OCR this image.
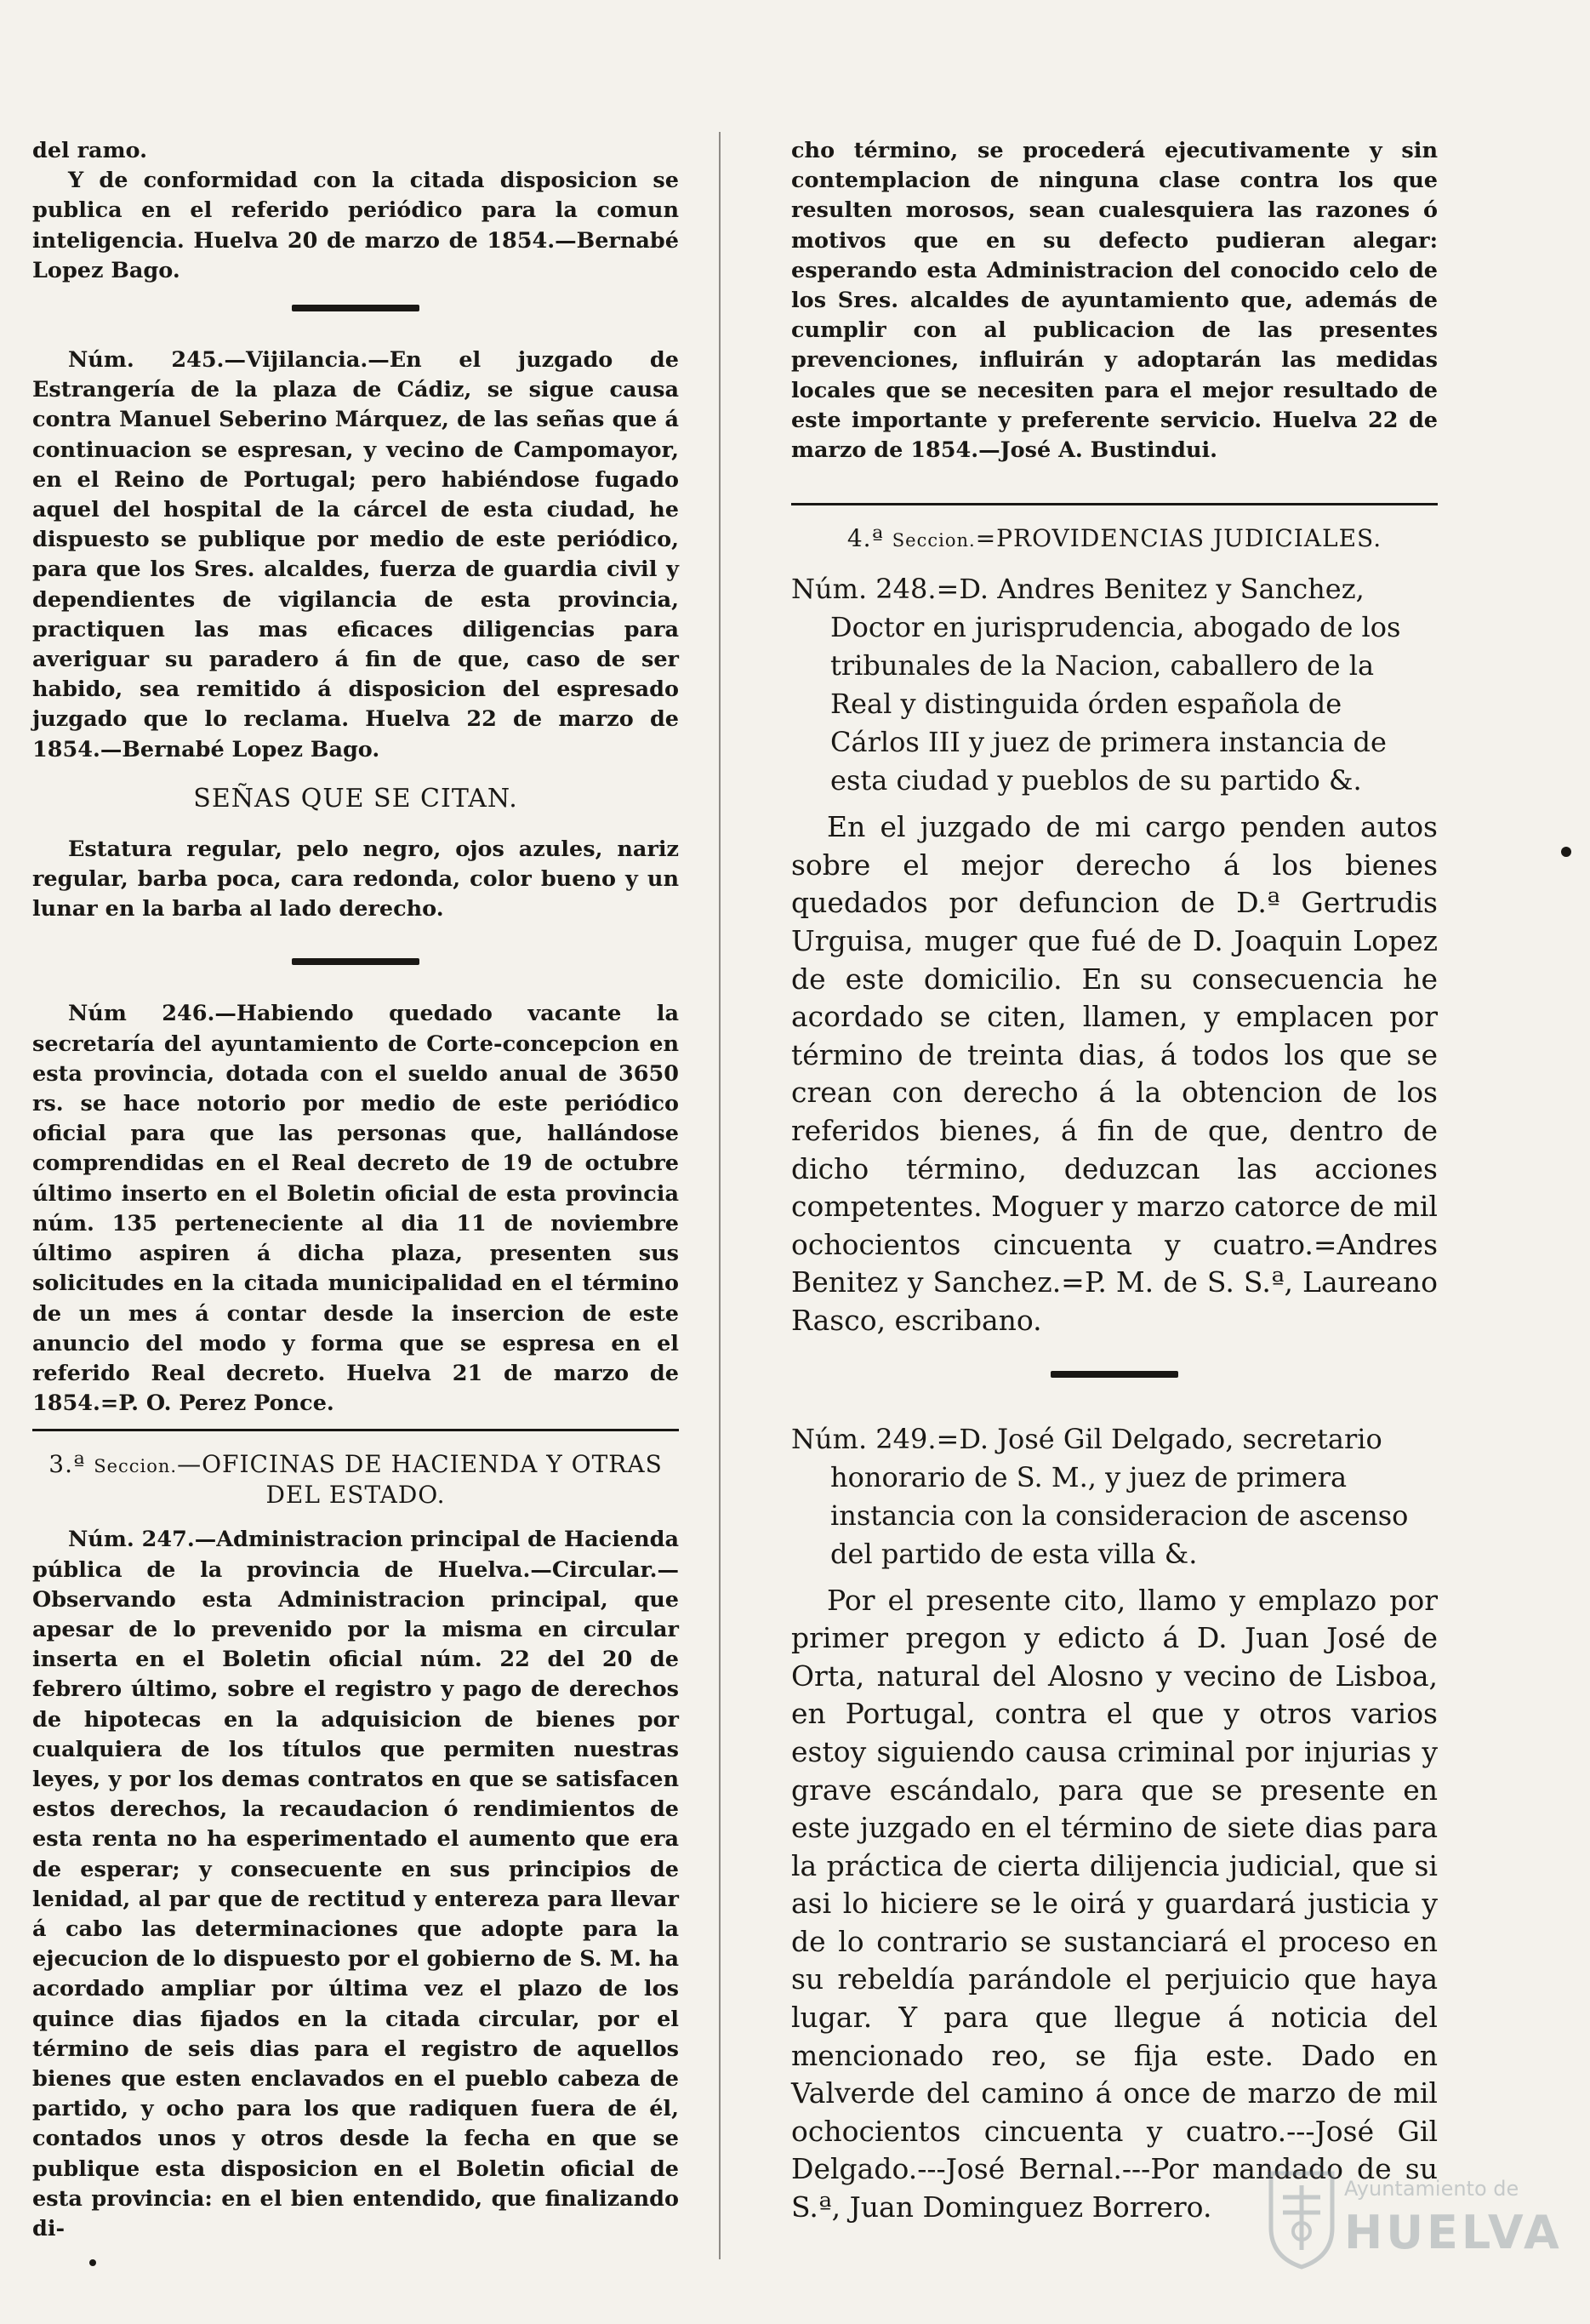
del ramo.

Y de conformidad con la citada disposicion se publica en el referido periódico para la comun inteligencia. Huelva 20 de marzo de 1854.—Bernabé Lopez Bago.

Núm. 245.—Vijilancia.—En el juzgado de Estrangería de la plaza de Cádiz, se sigue causa contra Manuel Seberino Márquez, de las señas que á continuacion se espresan, y vecino de Campomayor, en el Reino de Portugal; pero habiéndose fugado aquel del hospital de la cárcel de esta ciudad, he dispuesto se publique por medio de este periódico, para que los Sres. alcaldes, fuerza de guardia civil y dependientes de vigilancia de esta provincia, practiquen las mas eficaces diligencias para averiguar su paradero á fin de que, caso de ser habido, sea remitido á disposicion del espresado juzgado que lo reclama. Huelva 22 de marzo de 1854.—Bernabé Lopez Bago.

SEÑAS QUE SE CITAN.

Estatura regular, pelo negro, ojos azules, nariz regular, barba poca, cara redonda, color bueno y un lunar en la barba al lado derecho.

Núm 246.—Habiendo quedado vacante la secretaría del ayuntamiento de Corte-concepcion en esta provincia, dotada con el sueldo anual de 3650 rs. se hace notorio por medio de este periódico oficial para que las personas que, hallándose comprendidas en el Real decreto de 19 de octubre último inserto en el Boletin oficial de esta provincia núm. 135 perteneciente al dia 11 de noviembre último aspiren á dicha plaza, presenten sus solicitudes en la citada municipalidad en el término de un mes á contar desde la insercion de este anuncio del modo y forma que se espresa en el referido Real decreto. Huelva 21 de marzo de 1854.=P. O. Perez Ponce.

3.ª Seccion.—OFICINAS DE HACIENDA Y OTRAS DEL ESTADO.

Núm. 247.—Administracion principal de Hacienda pública de la provincia de Huelva.—Circular.—Observando esta Administracion principal, que apesar de lo prevenido por la misma en circular inserta en el Boletin oficial núm. 22 del 20 de febrero último, sobre el registro y pago de derechos de hipotecas en la adquisicion de bienes por cualquiera de los títulos que permiten nuestras leyes, y por los demas contratos en que se satisfacen estos derechos, la recaudacion ó rendimientos de esta renta no ha esperimentado el aumento que era de esperar; y consecuente en sus principios de lenidad, al par que de rectitud y entereza para llevar á cabo las determinaciones que adopte para la ejecucion de lo dispuesto por el gobierno de S. M. ha acordado ampliar por última vez el plazo de los quince dias fijados en la citada circular, por el término de seis dias para el registro de aquellos bienes que esten enclavados en el pueblo cabeza de partido, y ocho para los que radiquen fuera de él, contados unos y otros desde la fecha en que se publique esta disposicion en el Boletin oficial de esta provincia: en el bien entendido, que finalizando di-

cho término, se procederá ejecutivamente y sin contemplacion de ninguna clase contra los que resulten morosos, sean cualesquiera las razones ó motivos que en su defecto pudieran alegar: esperando esta Administracion del conocido celo de los Sres. alcaldes de ayuntamiento que, además de cumplir con al publicacion de las presentes prevenciones, influirán y adoptarán las medidas locales que se necesiten para el mejor resultado de este importante y preferente servicio. Huelva 22 de marzo de 1854.—José A. Bustindui.

4.ª Seccion.=PROVIDENCIAS JUDICIALES.

Núm. 248.=D. Andres Benitez y Sanchez, Doctor en jurisprudencia, abogado de los tribunales de la Nacion, caballero de la Real y distinguida órden española de Cárlos III y juez de primera instancia de esta ciudad y pueblos de su partido &.

En el juzgado de mi cargo penden autos sobre el mejor derecho á los bienes quedados por defuncion de D.ª Gertrudis Urguisa, muger que fué de D. Joaquin Lopez de este domicilio. En su consecuencia he acordado se citen, llamen, y emplacen por término de treinta dias, á todos los que se crean con derecho á la obtencion de los referidos bienes, á fin de que, dentro de dicho término, deduzcan las acciones competentes. Moguer y marzo catorce de mil ochocientos cincuenta y cuatro.=Andres Benitez y Sanchez.=P. M. de S. S.ª, Laureano Rasco, escribano.

Núm. 249.=D. José Gil Delgado, secretario honorario de S. M., y juez de primera instancia con la consideracion de ascenso del partido de esta villa &.

Por el presente cito, llamo y emplazo por primer pregon y edicto á D. Juan José de Orta, natural del Alosno y vecino de Lisboa, en Portugal, contra el que y otros varios estoy siguiendo causa criminal por injurias y grave escándalo, para que se presente en este juzgado en el término de siete dias para la práctica de cierta dilijencia judicial, que si asi lo hiciere se le oirá y guardará justicia y de lo contrario se sustanciará el proceso en su rebeldía parándole el perjuicio que haya lugar. Y para que llegue á noticia del mencionado reo, se fija este. Dado en Valverde del camino á once de marzo de mil ochocientos cincuenta y cuatro.---José Gil Delgado.---José Bernal.---Por mandado de su S.ª, Juan Dominguez Borrero.

Ayuntamiento de
HUELVA
